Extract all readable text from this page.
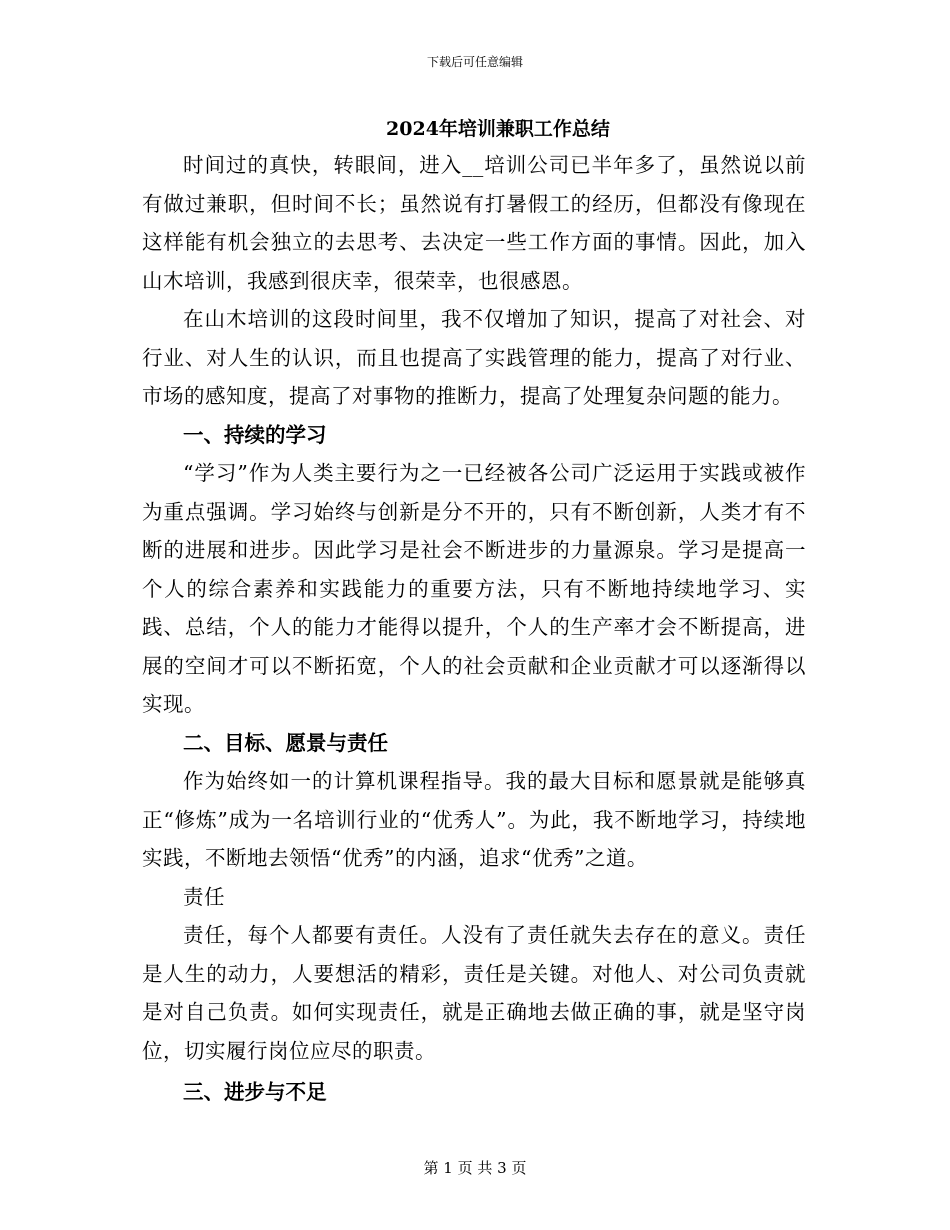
下载后可任意编辑
2024年培训兼职工作总结

时间过的真快，转眼间，进入__培训公司已半年多了，虽然说以前有做过兼职，但时间不长；虽然说有打暑假工的经历，但都没有像现在这样能有机会独立的去思考、去决定一些工作方面的事情。因此，加入山木培训，我感到很庆幸，很荣幸，也很感恩。

在山木培训的这段时间里，我不仅增加了知识，提高了对社会、对行业、对人生的认识，而且也提高了实践管理的能力，提高了对行业、市场的感知度，提高了对事物的推断力，提高了处理复杂问题的能力。

一、持续的学习

“学习”作为人类主要行为之一已经被各公司广泛运用于实践或被作为重点强调。学习始终与创新是分不开的，只有不断创新，人类才有不断的进展和进步。因此学习是社会不断进步的力量源泉。学习是提高一个人的综合素养和实践能力的重要方法，只有不断地持续地学习、实践、总结，个人的能力才能得以提升，个人的生产率才会不断提高，进展的空间才可以不断拓宽，个人的社会贡献和企业贡献才可以逐渐得以实现。

二、目标、愿景与责任

作为始终如一的计算机课程指导。我的最大目标和愿景就是能够真正“修炼”成为一名培训行业的“优秀人”。为此，我不断地学习，持续地实践，不断地去领悟“优秀”的内涵，追求“优秀”之道。

责任

责任，每个人都要有责任。人没有了责任就失去存在的意义。责任是人生的动力，人要想活的精彩，责任是关键。对他人、对公司负责就是对自己负责。如何实现责任，就是正确地去做正确的事，就是坚守岗位，切实履行岗位应尽的职责。

三、进步与不足

第 1 页 共 3 页
